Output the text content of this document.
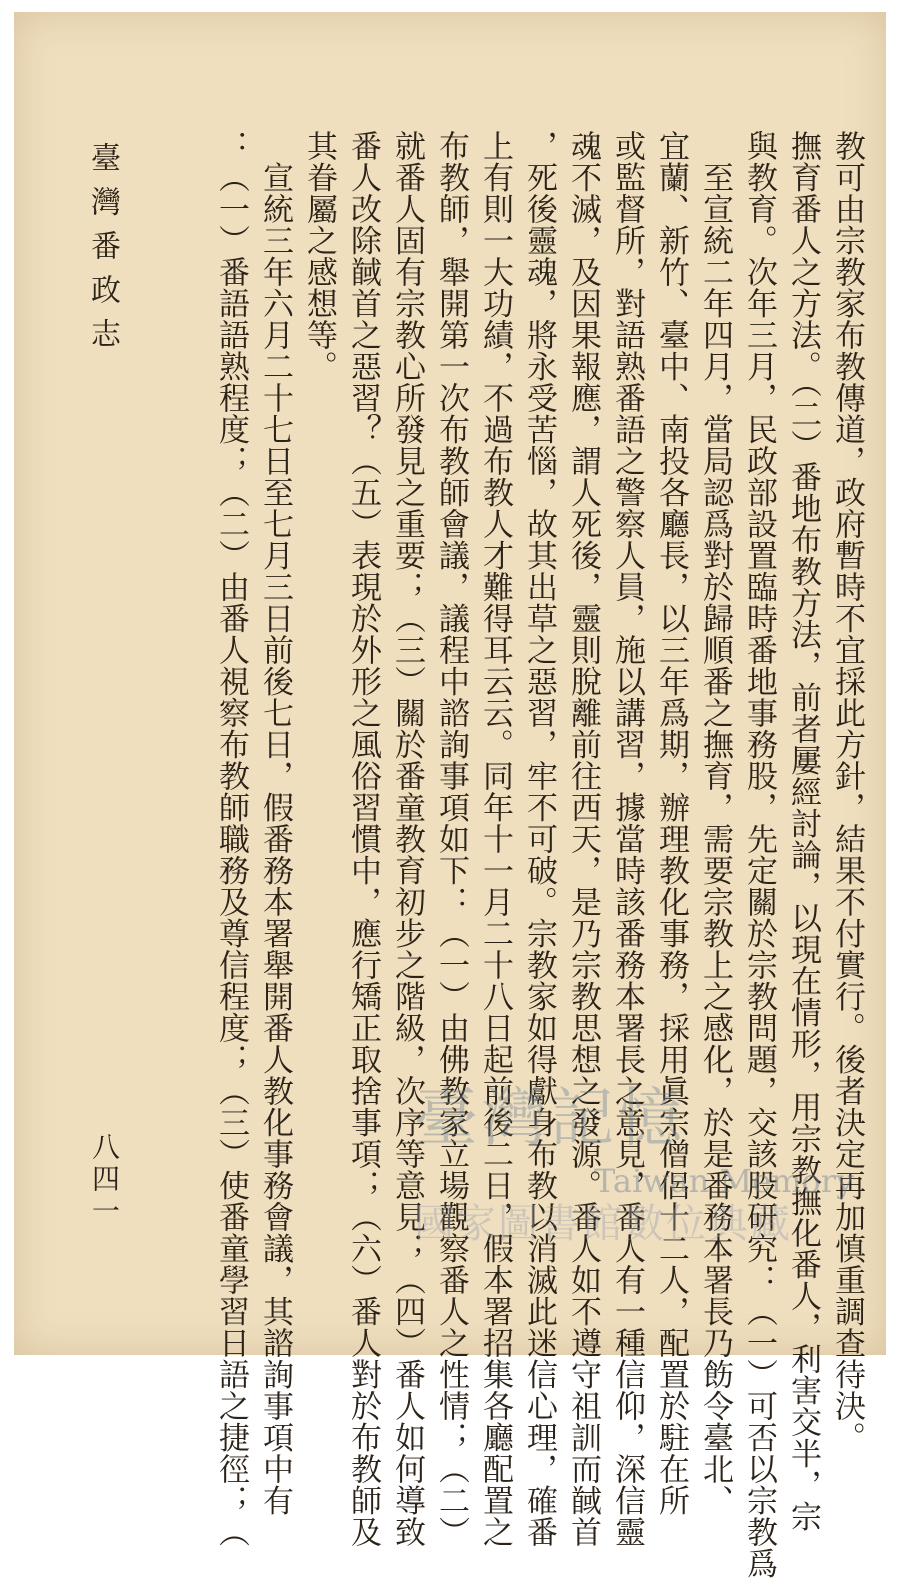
教可由宗教家布教傳道，政府暫時不宜採此方針，結果不付實行。後者決定再加慎重調查待決。
撫育番人之方法。（二）番地布教方法，前者屢經討論，以現在情形，用宗教撫化番人，利害交半，宗
與教育。次年三月，民政部設置臨時番地事務股，先定關於宗教問題，交該股研究：（一）可否以宗教爲
　至宣統二年四月，當局認爲對於歸順番之撫育，需要宗教上之感化，於是番務本署長乃飭令臺北、
宜蘭、新竹、臺中、南投各廳長，以三年爲期，辦理教化事務，採用眞宗僧侶十二人，配置於駐在所
或監督所，對語熟番語之警察人員，施以講習，據當時該番務本署長之意見，番人有一種信仰，深信靈
魂不滅，及因果報應，謂人死後，靈則脫離前往西天，是乃宗教思想之發源。番人如不遵守祖訓而馘首
，死後靈魂，將永受苦惱，故其出草之惡習，牢不可破。宗教家如得獻身布教以消滅此迷信心理，確番
上有則一大功績，不過布教人才難得耳云云。同年十一月二十八日起前後二日，假本署招集各廳配置之
布教師，舉開第一次布教師會議，議程中諮詢事項如下：（一）由佛教家立場觀察番人之性情；（二）
就番人固有宗教心所發見之重要；（三）關於番童教育初步之階級，次序等意見；（四）番人如何導致
番人改除馘首之惡習？（五）表現於外形之風俗習慣中，應行矯正取捨事項；（六）番人對於布教師及
其眷屬之感想等。
　宣統三年六月二十七日至七月三日前後七日，假番務本署舉開番人教化事務會議，其諮詢事項中有
：（一）番語語熟程度；（二）由番人視察布教師職務及尊信程度；（三）使番童學習日語之捷徑；（
臺灣番政志
八四一
臺灣記憶
Taiwan Memory
國家圖書館數位典藏
